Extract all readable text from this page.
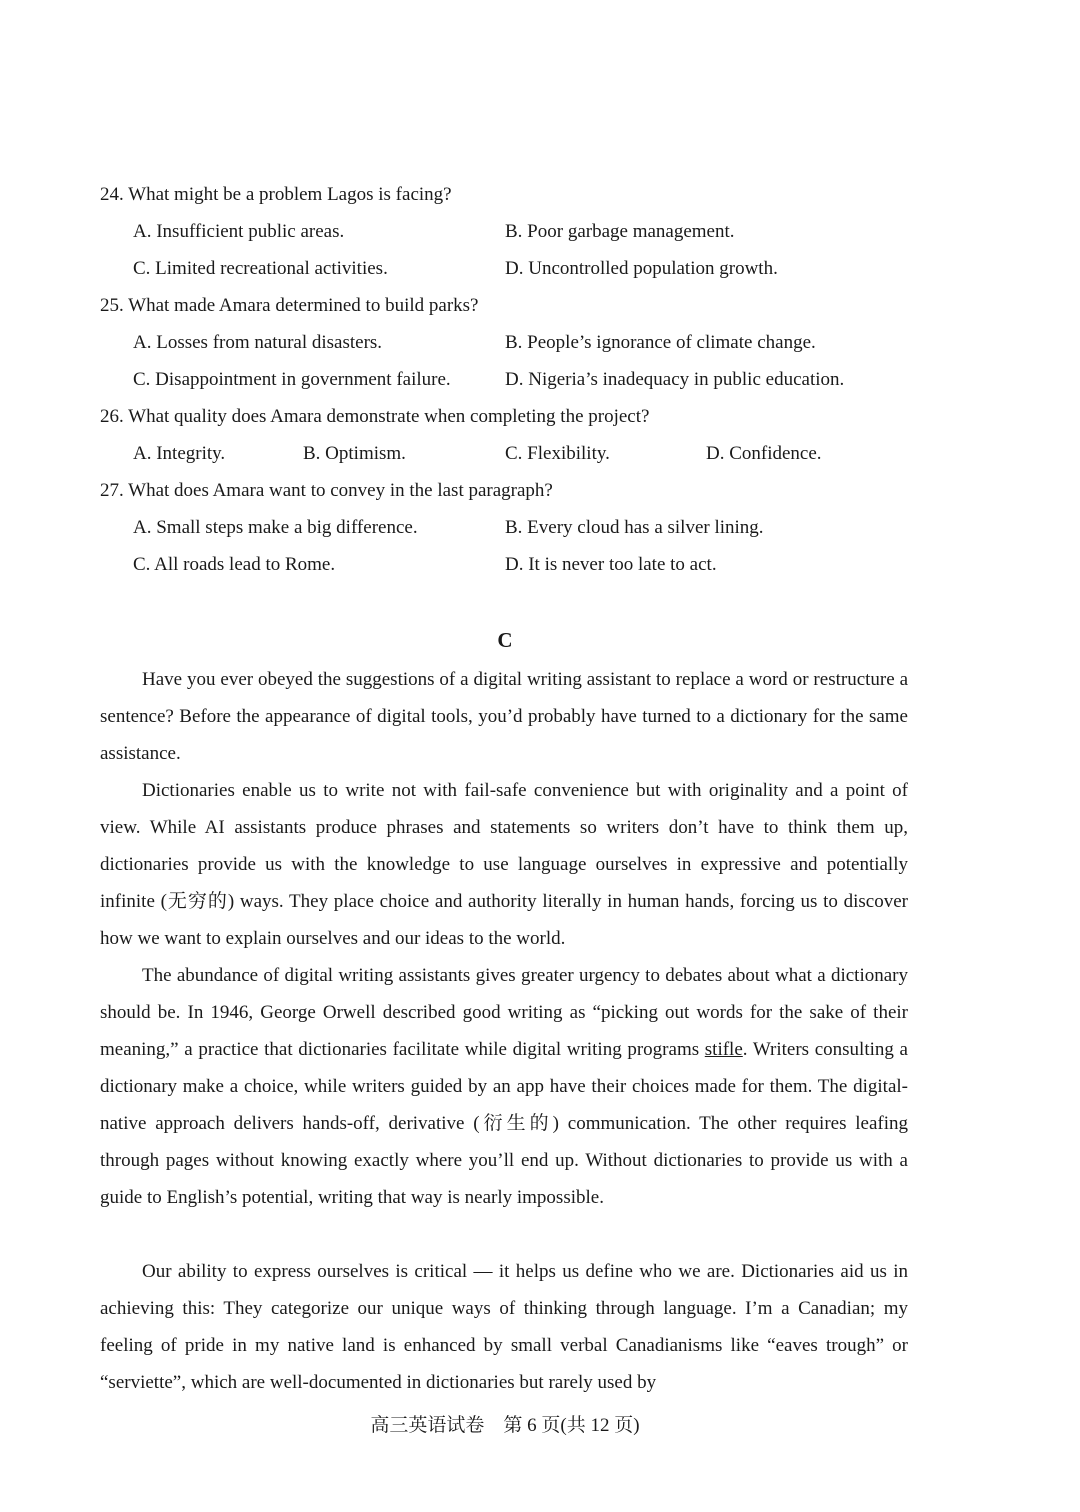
24. What might be a problem Lagos is facing?
A. Insufficient public areas.	B. Poor garbage management.
C. Limited recreational activities.	D. Uncontrolled population growth.
25. What made Amara determined to build parks?
A. Losses from natural disasters.	B. People’s ignorance of climate change.
C. Disappointment in government failure.	D. Nigeria’s inadequacy in public education.
26. What quality does Amara demonstrate when completing the project?
A. Integrity.	B. Optimism.	C. Flexibility.	D. Confidence.
27. What does Amara want to convey in the last paragraph?
A. Small steps make a big difference.	B. Every cloud has a silver lining.
C. All roads lead to Rome.	D. It is never too late to act.
C

Have you ever obeyed the suggestions of a digital writing assistant to replace a word or restructure a sentence? Before the appearance of digital tools, you’d probably have turned to a dictionary for the same assistance.

Dictionaries enable us to write not with fail-safe convenience but with originality and a point of view. While AI assistants produce phrases and statements so writers don’t have to think them up, dictionaries provide us with the knowledge to use language ourselves in expressive and potentially infinite (无穷的) ways. They place choice and authority literally in human hands, forcing us to discover how we want to explain ourselves and our ideas to the world.

The abundance of digital writing assistants gives greater urgency to debates about what a dictionary should be. In 1946, George Orwell described good writing as “picking out words for the sake of their meaning,” a practice that dictionaries facilitate while digital writing programs stifle. Writers consulting a dictionary make a choice, while writers guided by an app have their choices made for them. The digital-native approach delivers hands-off, derivative (衍生的) communication. The other requires leafing through pages without knowing exactly where you’ll end up. Without dictionaries to provide us with a guide to English’s potential, writing that way is nearly impossible.

Our ability to express ourselves is critical — it helps us define who we are. Dictionaries aid us in achieving this: They categorize our unique ways of thinking through language. I’m a Canadian; my feeling of pride in my native land is enhanced by small verbal Canadianisms like “eaves trough” or “serviette”, which are well-documented in dictionaries but rarely used by

高三英语试卷　第 6 页(共 12 页)
